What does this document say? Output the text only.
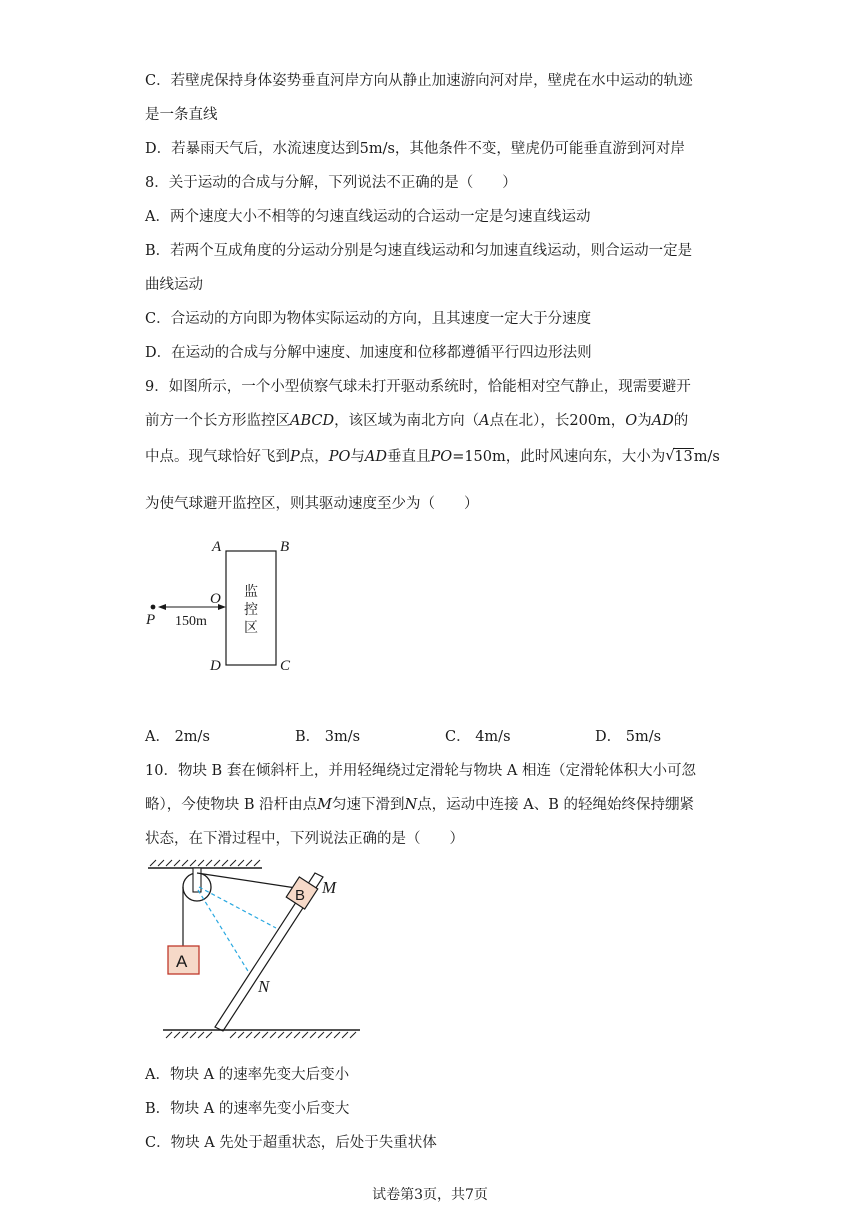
C．若壁虎保持身体姿势垂直河岸方向从静止加速游向河对岸，壁虎在水中运动的轨迹
是一条直线
D．若暴雨天气后，水流速度达到5m/s，其他条件不变，壁虎仍可能垂直游到河对岸
8．关于运动的合成与分解，下列说法不正确的是（　　）
A．两个速度大小不相等的匀速直线运动的合运动一定是匀速直线运动
B．若两个互成角度的分运动分别是匀速直线运动和匀加速直线运动，则合运动一定是
曲线运动
C．合运动的方向即为物体实际运动的方向，且其速度一定大于分速度
D．在运动的合成与分解中速度、加速度和位移都遵循平行四边形法则
9．如图所示，一个小型侦察气球未打开驱动系统时，恰能相对空气静止，现需要避开
前方一个长方形监控区ABCD，该区域为南北方向（A点在北），长200m，O为AD的
中点。现气球恰好飞到P点，PO与AD垂直且PO=150m，此时风速向东，大小为 √ 13m/s
为使气球避开监控区，则其驱动速度至少为（　　）
A	B
O
P
D	C
150m
监
控
区
A． 2m/s	B． 3m/s	C． 4m/s	D． 5m/s
10．物块 B 套在倾斜杆上，并用轻绳绕过定滑轮与物块 A 相连（定滑轮体积大小可忽
略），今使物块 B 沿杆由点M匀速下滑到N点，运动中连接 A、B 的轻绳始终保持绷紧
状态，在下滑过程中，下列说法正确的是（　　）
A
B M
N
A．物块 A 的速率先变大后变小
B．物块 A 的速率先变小后变大
C．物块 A 先处于超重状态，后处于失重状体
试卷第3页，共7页
